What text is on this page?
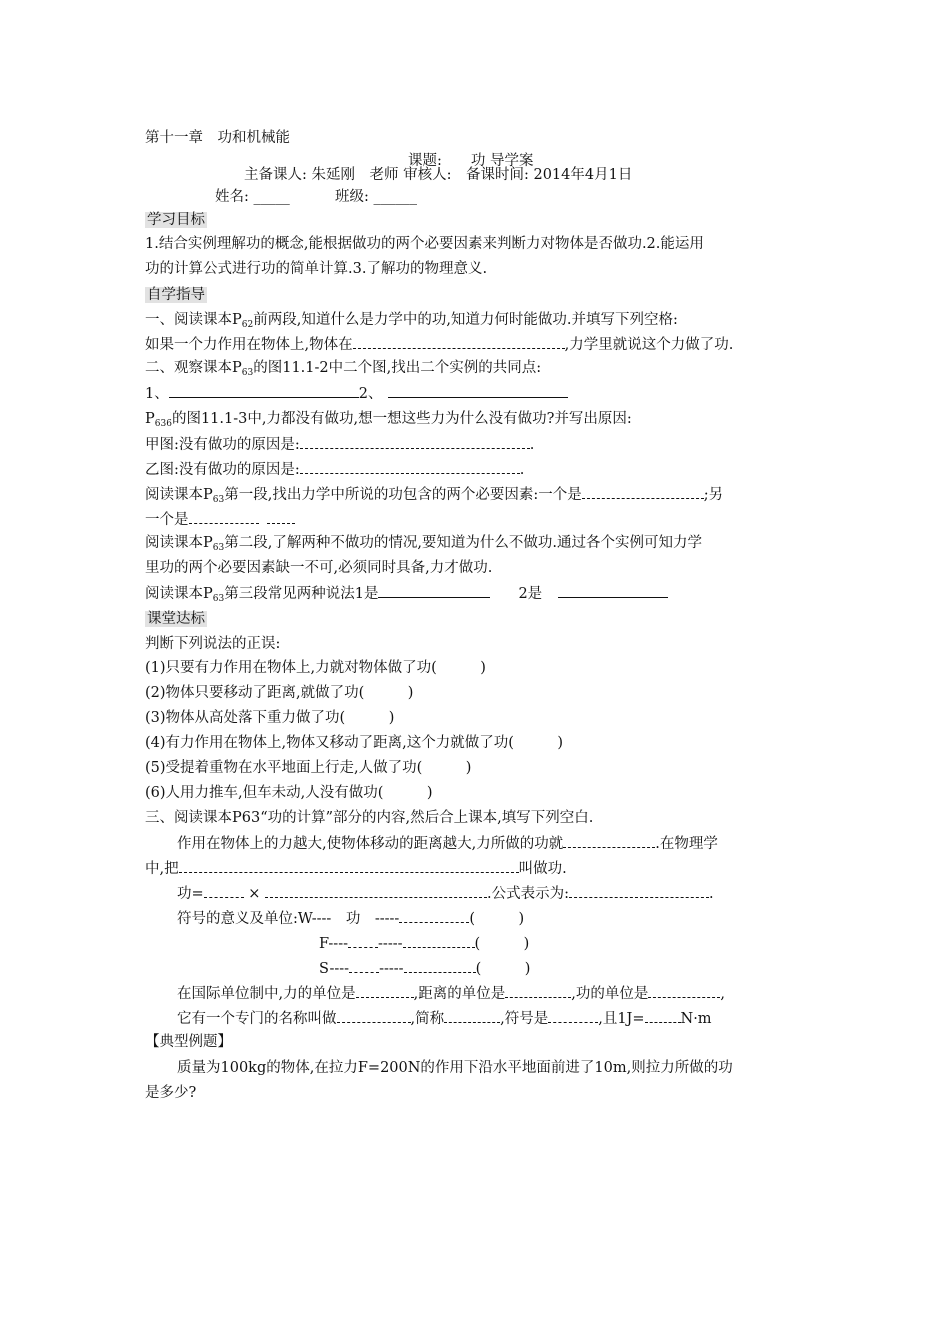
第十一章　功和机械能
课题:　　功 导学案
主备课人: 朱延刚　老师 审核人:　备课时间: 2014年4月1日
姓名: _____	班级: ______
学习目标
1.结合实例理解功的概念,能根据做功的两个必要因素来判断力对物体是否做功.2.能运用
功的计算公式进行功的简单计算.3.了解功的物理意义.
自学指导
一、阅读课本$P_{62}$前两段,知道什么是力学中的功,知道力何时能做功.并填写下列空格:
如果一个力作用在物体上,物体在	,力学里就说这个力做了功.
二、观察课本$P_{63}$的图11.1-2中二个图,找出二个实例的共同点:
1、	2、
$P_{636}$的图11.1-3中,力都没有做功,想一想这些力为什么没有做功?并写出原因:
甲图:没有做功的原因是:	.
乙图:没有做功的原因是:	.
阅读课本$P_{63}$第一段,找出力学中所说的功包含的两个必要因素:一个是	;另
一个是
阅读课本$P_{63}$第二段,了解两种不做功的情况,要知道为什么不做功.通过各个实例可知力学
里功的两个必要因素缺一不可,必须同时具备,力才做功.
阅读课本$P_{63}$第三段常见两种说法1是	2是
课堂达标
判断下列说法的正误:
(1)只要有力作用在物体上,力就对物体做了功(　　　)
(2)物体只要移动了距离,就做了功(　　　)
(3)物体从高处落下重力做了功(　　　)
(4)有力作用在物体上,物体又移动了距离,这个力就做了功(　　　)
(5)受提着重物在水平地面上行走,人做了功(　　　)
(6)人用力推车,但车未动,人没有做功(　　　)
三、阅读课本P63“功的计算”部分的内容,然后合上课本,填写下列空白.
作用在物体上的力越大,使物体移动的距离越大,力所做的功就	.在物理学
中,把	叫做功.
功=	×	.公式表示为:	.
符号的意义及单位:W----　功　-----	(　　　)
F---- -----	(　　　)
S---- -----	(　　　)
在国际单位制中,力的单位是	,距离的单位是	,功的单位是	,
它有一个专门的名称叫做	,简称	,符号是	,且1J= N·m
【典型例题】
质量为100kg的物体,在拉力F=200N的作用下沿水平地面前进了10m,则拉力所做的功
是多少?
